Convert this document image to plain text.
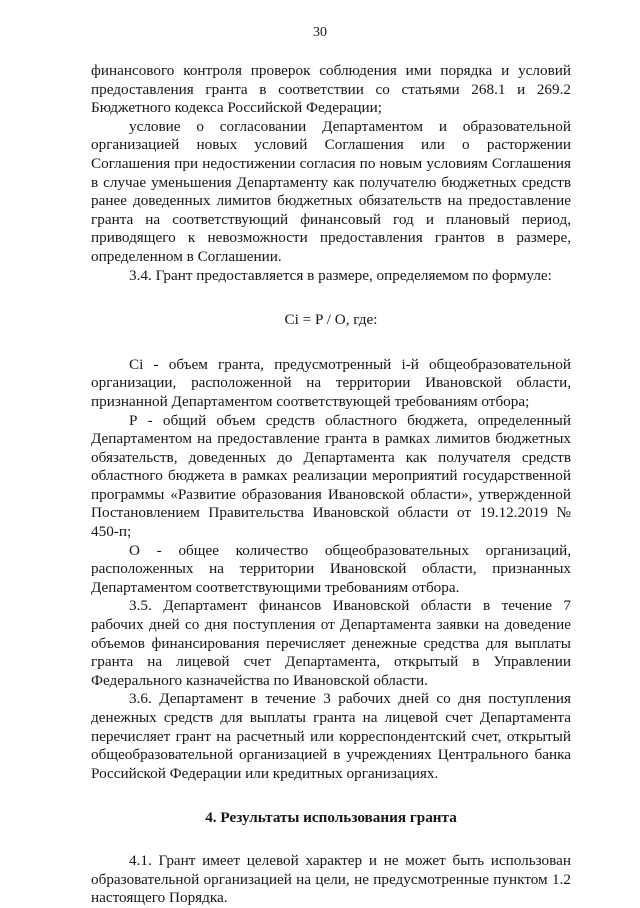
30

финансового контроля проверок соблюдения ими порядка и условий предоставления гранта в соответствии со статьями 268.1 и 269.2 Бюджетного кодекса Российской Федерации;

условие о согласовании Департаментом и образовательной организацией новых условий Соглашения или о расторжении Соглашения при недостижении согласия по новым условиям Соглашения в случае уменьшения Департаменту как получателю бюджетных средств ранее доведенных лимитов бюджетных обязательств на предоставление гранта на соответствующий финансовый год и плановый период, приводящего к невозможности предоставления грантов в размере, определенном в Соглашении.

3.4. Грант предоставляется в размере, определяемом по формуле:

Ci = P / O, где:

Ci - объем гранта, предусмотренный i-й общеобразовательной организации, расположенной на территории Ивановской области, признанной Департаментом соответствующей требованиям отбора;

Р - общий объем средств областного бюджета, определенный Департаментом на предоставление гранта в рамках лимитов бюджетных обязательств, доведенных до Департамента как получателя средств областного бюджета в рамках реализации мероприятий государственной программы «Развитие образования Ивановской области», утвержденной Постановлением Правительства Ивановской области от 19.12.2019 № 450-п;

О - общее количество общеобразовательных организаций, расположенных на территории Ивановской области, признанных Департаментом соответствующими требованиям отбора.

3.5. Департамент финансов Ивановской области в течение 7 рабочих дней со дня поступления от Департамента заявки на доведение объемов финансирования перечисляет денежные средства для выплаты гранта на лицевой счет Департамента, открытый в Управлении Федерального казначейства по Ивановской области.

3.6. Департамент в течение 3 рабочих дней со дня поступления денежных средств для выплаты гранта на лицевой счет Департамента перечисляет грант на расчетный или корреспондентский счет, открытый общеобразовательной организацией в учреждениях Центрального банка Российской Федерации или кредитных организациях.

4. Результаты использования гранта

4.1. Грант имеет целевой характер и не может быть использован образовательной организацией на цели, не предусмотренные пунктом 1.2 настоящего Порядка.
